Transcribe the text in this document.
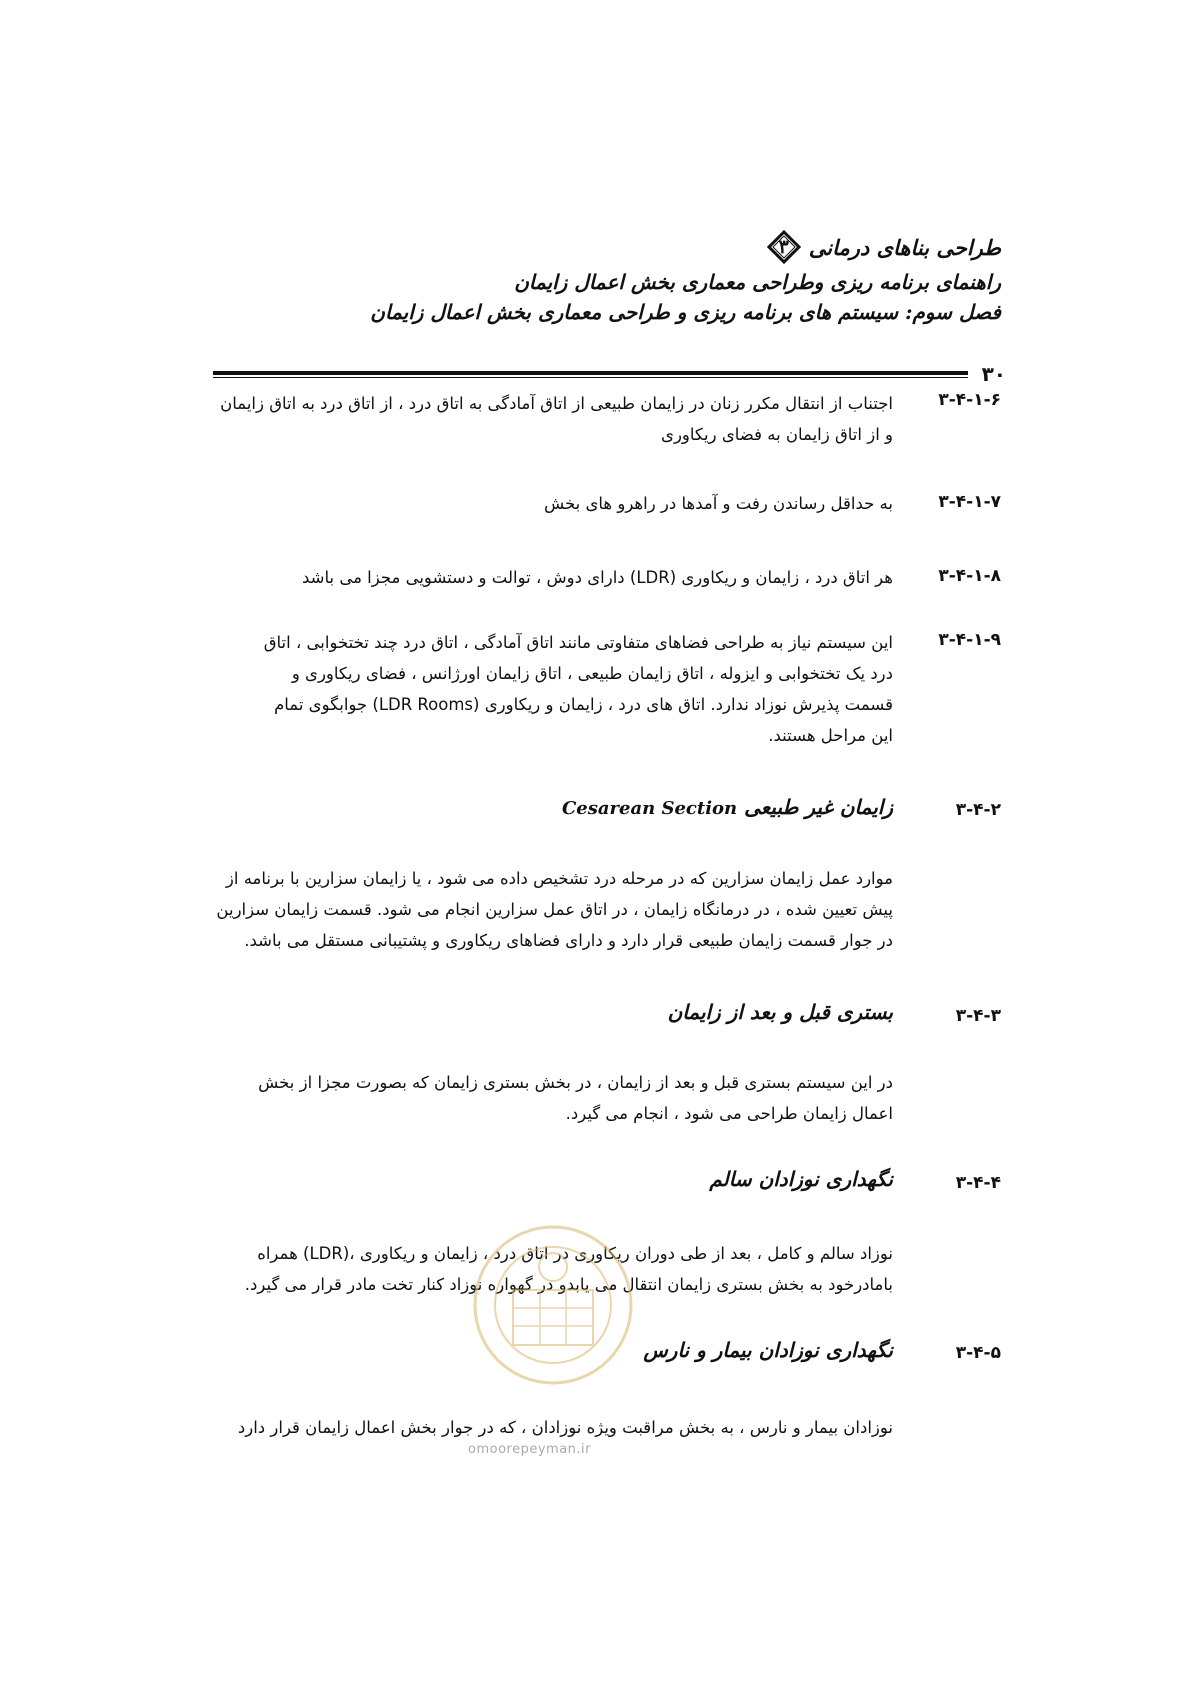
طراحی بناهای درمانی
۳
راهنمای برنامه ریزی وطراحی معماری بخش اعمال زایمان
فصل سوم: سیستم های برنامه ریزی و طراحی معماری بخش اعمال زایمان
۳۰
۳-۴-۱-۶
اجتناب از انتقال مکرر زنان در زایمان طبیعی از اتاق آمادگی به اتاق درد ، از اتاق درد به اتاق زایمان
و از اتاق زایمان به فضای ریکاوری
۳-۴-۱-۷
به حداقل رساندن رفت و آمدها در راهرو های بخش
۳-۴-۱-۸
هر اتاق درد ، زایمان و ریکاوری (LDR) دارای دوش ، توالت و دستشویی مجزا می باشد
۳-۴-۱-۹
این سیستم نیاز به طراحی فضاهای متفاوتی مانند اتاق آمادگی ، اتاق درد چند تختخوابی ، اتاق
درد یک تختخوابی و ایزوله ، اتاق زایمان طبیعی ، اتاق زایمان اورژانس ، فضای ریکاوری و
قسمت پذیرش نوزاد ندارد. اتاق های درد ، زایمان و ریکاوری (LDR Rooms) جوابگوی تمام
این مراحل هستند.
۳-۴-۲
زایمان غیر طبیعی Cesarean Section
موارد عمل زایمان سزارین که در مرحله درد تشخیص داده می شود ، یا زایمان سزارین با برنامه از
پیش تعیین شده ، در درمانگاه زایمان ، در اتاق عمل سزارین انجام می شود. قسمت زایمان سزارین
در جوار قسمت زایمان طبیعی قرار دارد و دارای فضاهای ریکاوری و پشتیبانی مستقل می باشد.
۳-۴-۳
بستری قبل و بعد از زایمان
در این سیستم بستری قبل و بعد از زایمان ، در بخش بستری زایمان که بصورت مجزا از بخش
اعمال زایمان طراحی می شود ، انجام می گیرد.
۳-۴-۴
نگهداری نوزادان سالم
نوزاد سالم و کامل ، بعد از طی دوران ریکاوری در اتاق درد ، زایمان و ریکاوری ،(LDR) همراه
بامادرخود به بخش بستری زایمان انتقال می یابدو در گهواره نوزاد کنار تخت مادر قرار می گیرد.
۳-۴-۵
نگهداری نوزادان بیمار و نارس
نوزادان بیمار و نارس ، به بخش مراقبت ویژه نوزادان ، که در جوار بخش اعمال زایمان قرار دارد
omoorepeyman.ir
